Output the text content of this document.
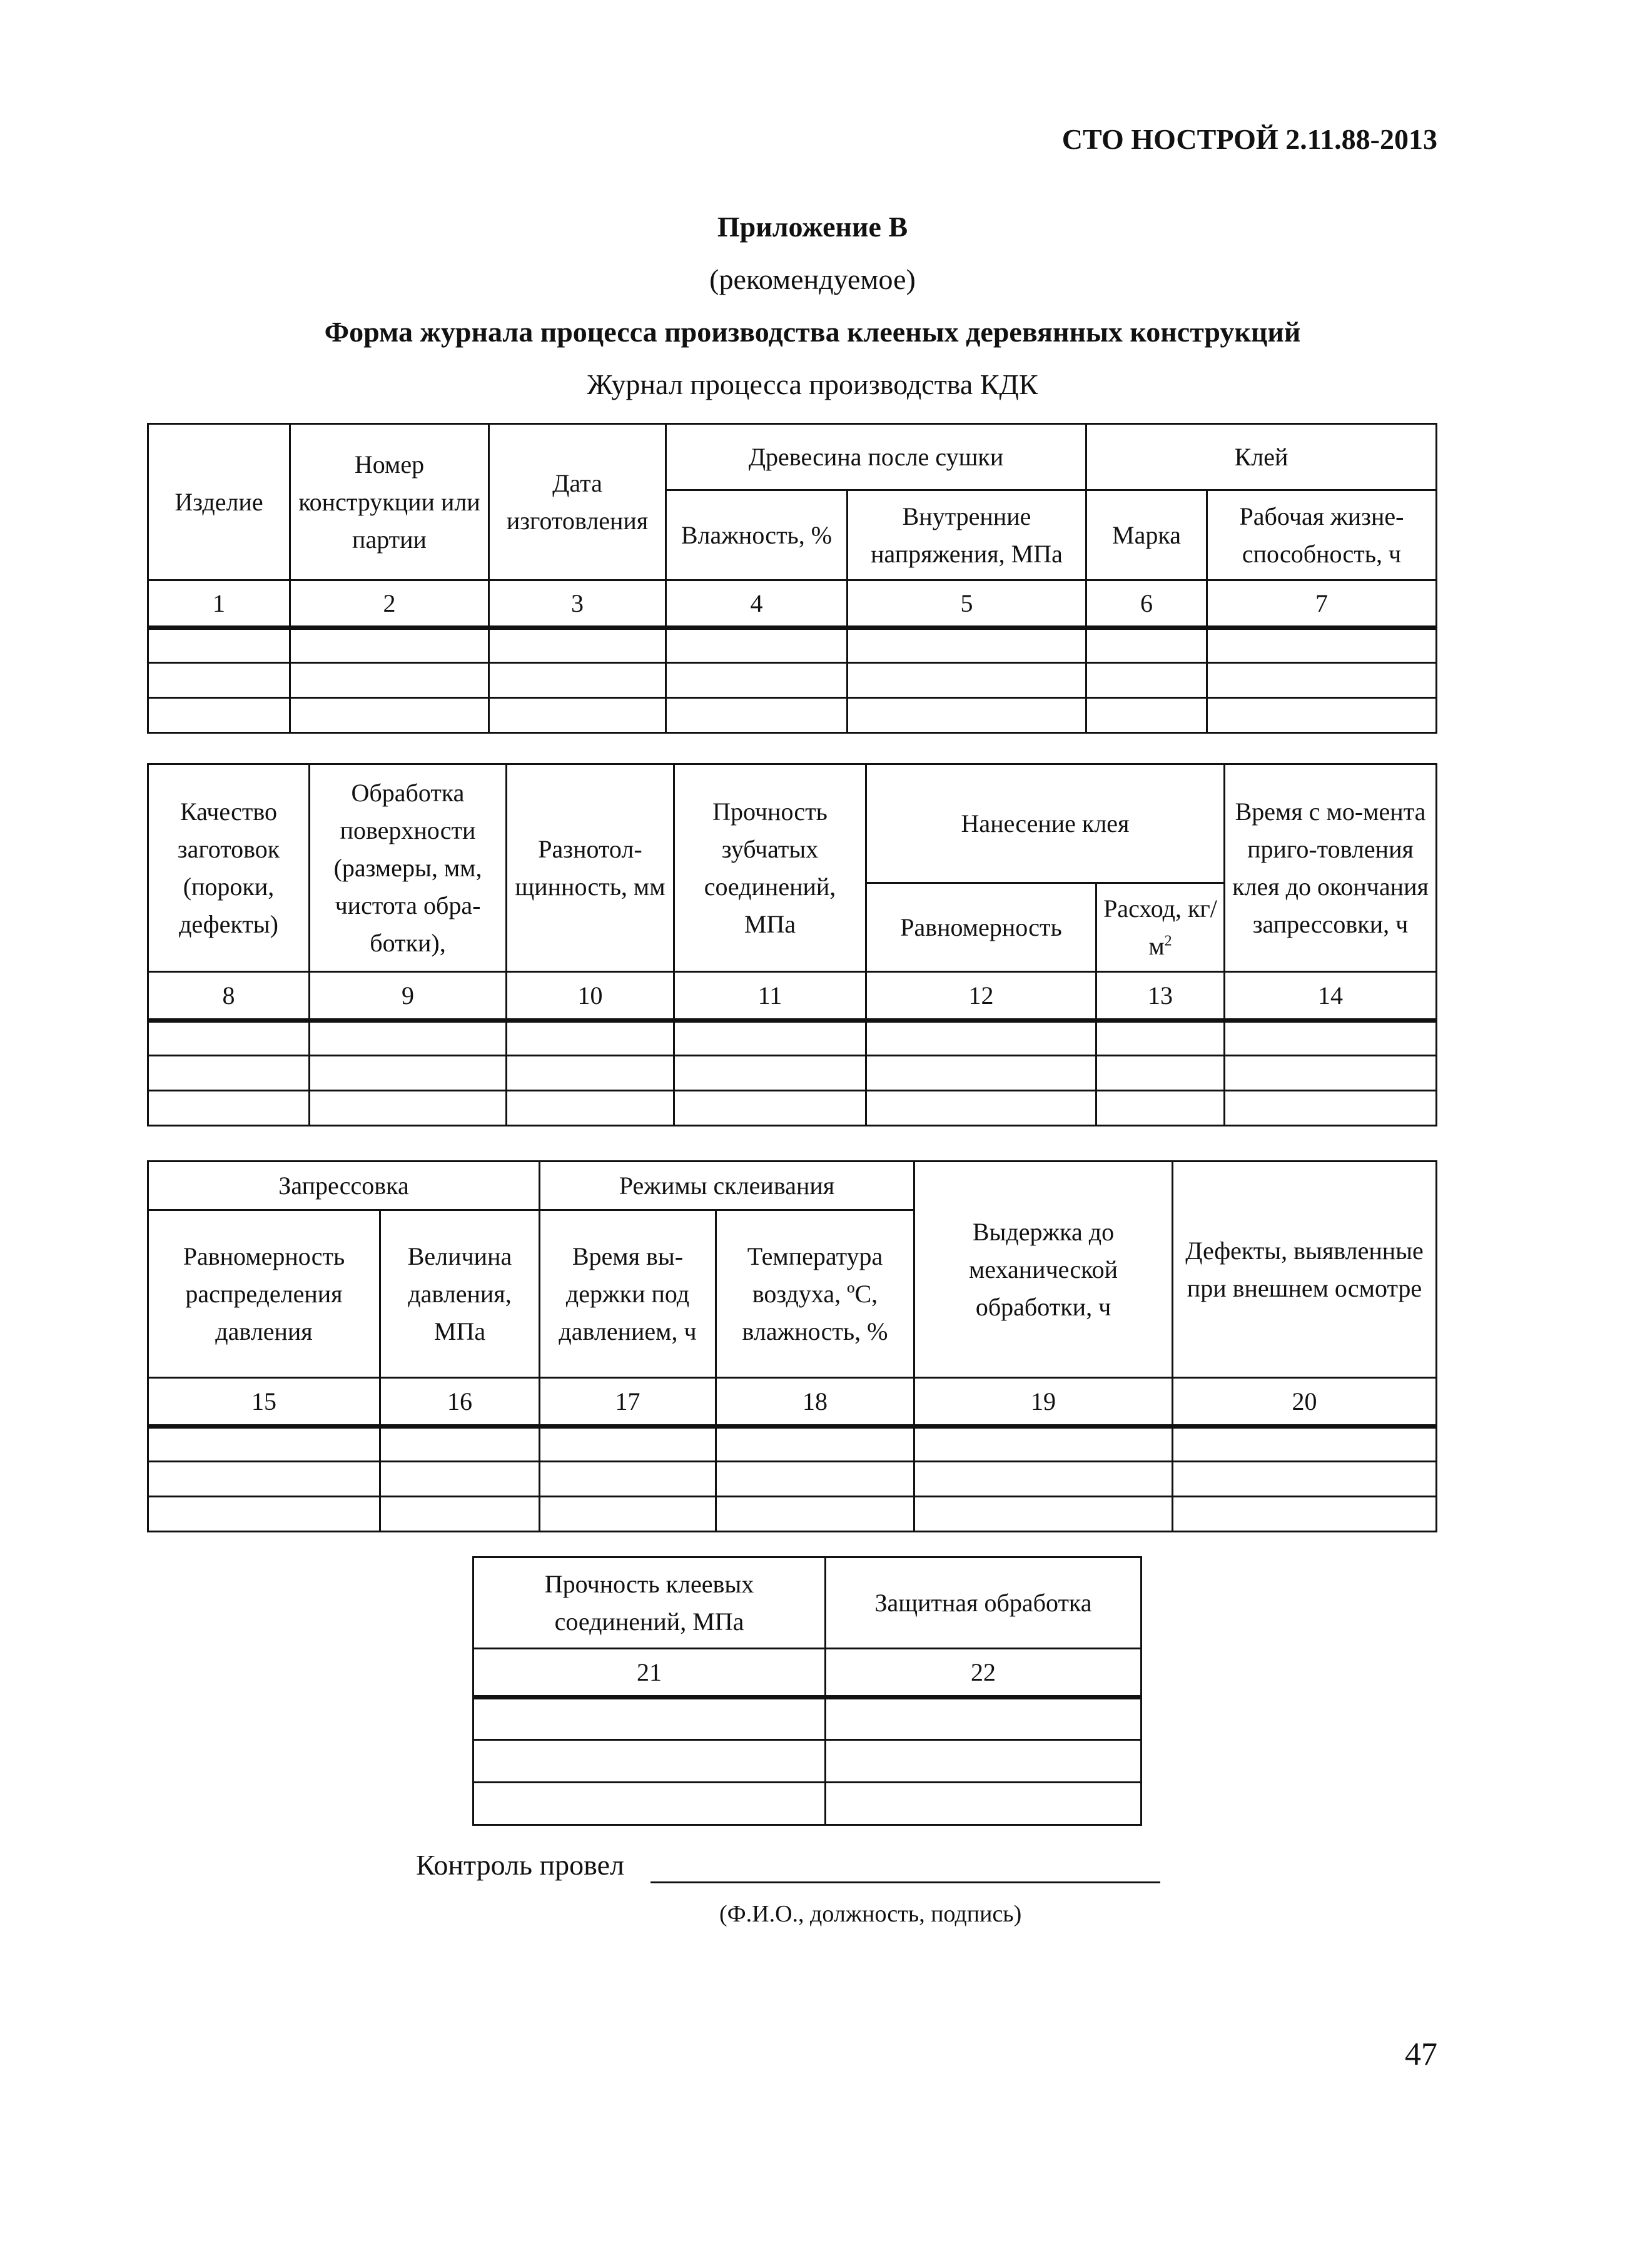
СТО НОСТРОЙ 2.11.88-2013
Приложение В
(рекомендуемое)
Форма журнала процесса производства клееных деревянных конструкций
Журнал процесса производства КДК
Изделие	Номер конструкции или партии	Дата изготовления	Древесина после сушки		Клей	
			Влажность, %	Внутренние напряжения, МПа	Марка	Рабочая жизне-способность, ч
1	2	3	4	5	6	7

Качество заготовок (пороки, дефекты)	Обработка поверхности (размеры, мм, чистота обра-ботки),	Разнотол-щинность, мм	Прочность зубчатых соединений, МПа	Нанесение клея		Время с мо-мента приго-товления клея до окончания запрессовки, ч
				Равномерность	Расход, $кг/м^2$
8	9	10	11	12	13	14

Запрессовка		Режимы склеивания		Выдержка до механической обработки, ч	Дефекты, выявленные при внешнем осмотре
Равномерность распределения давления	Величина давления, МПа	Время вы-держки под давлением, ч	Температура воздуха, ºС, влажность, %		
15	16	17	18	19	20

Прочность клеевых соединений, МПа	Защитная обработка
21	22

Контроль провел
(Ф.И.О., должность, подпись)
47
